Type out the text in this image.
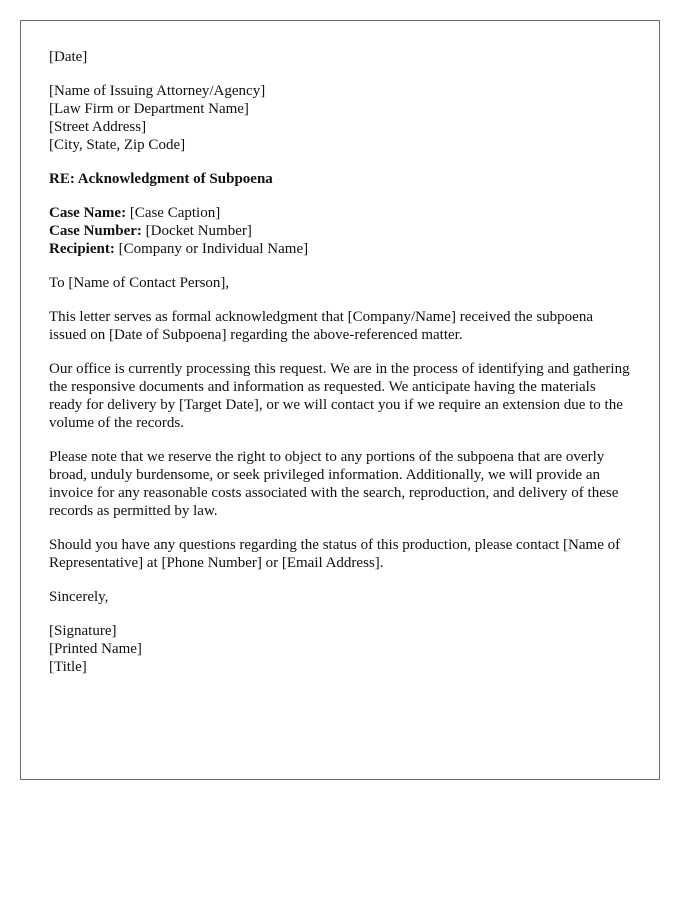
[Date]
[Name of Issuing Attorney/Agency]
[Law Firm or Department Name]
[Street Address]
[City, State, Zip Code]
RE: Acknowledgment of Subpoena
Case Name: [Case Caption]
Case Number: [Docket Number]
Recipient: [Company or Individual Name]

To [Name of Contact Person],

This letter serves as formal acknowledgment that [Company/Name] received the subpoena issued on [Date of Subpoena] regarding the above-referenced matter.

Our office is currently processing this request. We are in the process of identifying and gathering the responsive documents and information as requested. We anticipate having the materials ready for delivery by [Target Date], or we will contact you if we require an extension due to the volume of the records.

Please note that we reserve the right to object to any portions of the subpoena that are overly broad, unduly burdensome, or seek privileged information. Additionally, we will provide an invoice for any reasonable costs associated with the search, reproduction, and delivery of these records as permitted by law.

Should you have any questions regarding the status of this production, please contact [Name of Representative] at [Phone Number] or [Email Address].

Sincerely,

[Signature]
[Printed Name]
[Title]
